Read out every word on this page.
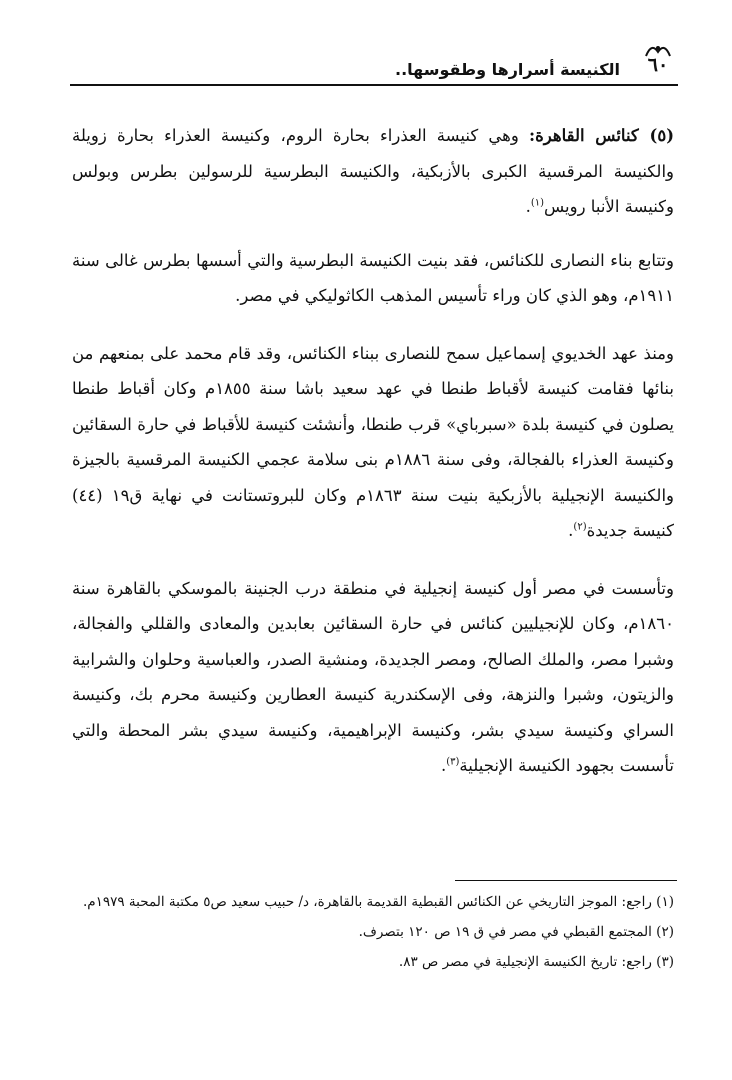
٦٠
الكنيسة أسرارها وطقوسها..

(٥) كنائس القاهرة: وهي كنيسة العذراء بحارة الروم، وكنيسة العذراء بحارة زويلة والكنيسة المرقسية الكبرى بالأزبكية، والكنيسة البطرسية للرسولين بطرس وبولس وكنيسة الأنبا رويس$^{(١)}$.

وتتابع بناء النصارى للكنائس، فقد بنيت الكنيسة البطرسية والتي أسسها بطرس غالى سنة ١٩١١م، وهو الذي كان وراء تأسيس المذهب الكاثوليكي في مصر.

ومنذ عهد الخديوي إسماعيل سمح للنصارى ببناء الكنائس، وقد قام محمد على بمنعهم من بنائها فقامت كنيسة لأقباط طنطا في عهد سعيد باشا سنة ١٨٥٥م وكان أقباط طنطا يصلون في كنيسة بلدة «سبرباي» قرب طنطا، وأنشئت كنيسة للأقباط في حارة السقائين وكنيسة العذراء بالفجالة، وفى سنة ١٨٨٦م بنى سلامة عجمي الكنيسة المرقسية بالجيزة والكنيسة الإنجيلية بالأزبكية بنيت سنة ١٨٦٣م وكان للبروتستانت في نهاية ق١٩ (٤٤) كنيسة جديدة$^{(٢)}$.

وتأسست في مصر أول كنيسة إنجيلية في منطقة درب الجنينة بالموسكي بالقاهرة سنة ١٨٦٠م، وكان للإنجيليين كنائس في حارة السقائين بعابدين والمعادى والقللي والفجالة، وشبرا مصر، والملك الصالح، ومصر الجديدة، ومنشية الصدر، والعباسية وحلوان والشرابية والزيتون، وشبرا والنزهة، وفى الإسكندرية كنيسة العطارين وكنيسة محرم بك، وكنيسة السراي وكنيسة سيدي بشر، وكنيسة الإبراهيمية، وكنيسة سيدي بشر المحطة والتي تأسست بجهود الكنيسة الإنجيلية$^{(٣)}$.

(١) راجع: الموجز التاريخي عن الكنائس القبطية القديمة بالقاهرة، د/ حبيب سعيد ص٥ مكتبة المحبة ١٩٧٩م.

(٢) المجتمع القبطي في مصر في ق ١٩ ص ١٢٠ بتصرف.

(٣) راجع: تاريخ الكنيسة الإنجيلية في مصر ص ٨٣.
